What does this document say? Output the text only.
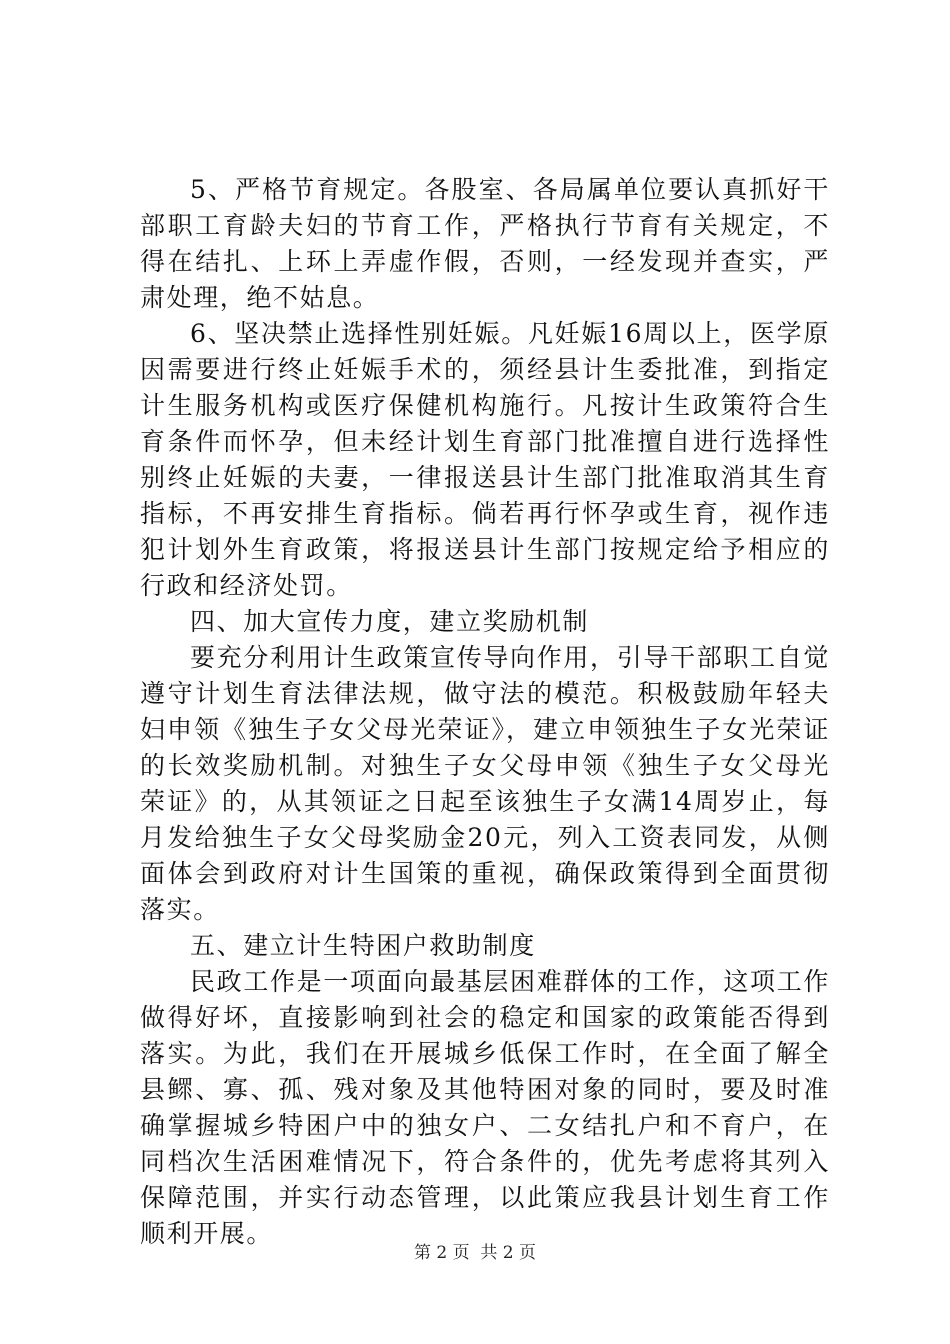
5、严格节育规定。各股室、各局属单位要认真抓好干部职工育龄夫妇的节育工作，严格执行节育有关规定，不得在结扎、上环上弄虚作假，否则，一经发现并查实，严肃处理，绝不姑息。

6、坚决禁止选择性别妊娠。凡妊娠16周以上，医学原因需要进行终止妊娠手术的，须经县计生委批准，到指定计生服务机构或医疗保健机构施行。凡按计生政策符合生育条件而怀孕，但未经计划生育部门批准擅自进行选择性别终止妊娠的夫妻，一律报送县计生部门批准取消其生育指标，不再安排生育指标。倘若再行怀孕或生育，视作违犯计划外生育政策，将报送县计生部门按规定给予相应的行政和经济处罚。

四、加大宣传力度，建立奖励机制

要充分利用计生政策宣传导向作用，引导干部职工自觉遵守计划生育法律法规，做守法的模范。积极鼓励年轻夫妇申领《独生子女父母光荣证》，建立申领独生子女光荣证的长效奖励机制。对独生子女父母申领《独生子女父母光荣证》的，从其领证之日起至该独生子女满14周岁止，每月发给独生子女父母奖励金20元，列入工资表同发，从侧面体会到政府对计生国策的重视，确保政策得到全面贯彻落实。

五、建立计生特困户救助制度

民政工作是一项面向最基层困难群体的工作，这项工作做得好坏，直接影响到社会的稳定和国家的政策能否得到落实。为此，我们在开展城乡低保工作时，在全面了解全县鳏、寡、孤、残对象及其他特困对象的同时，要及时准确掌握城乡特困户中的独女户、二女结扎户和不育户，在同档次生活困难情况下，符合条件的，优先考虑将其列入保障范围，并实行动态管理，以此策应我县计划生育工作顺利开展。

第 2 页  共 2 页
